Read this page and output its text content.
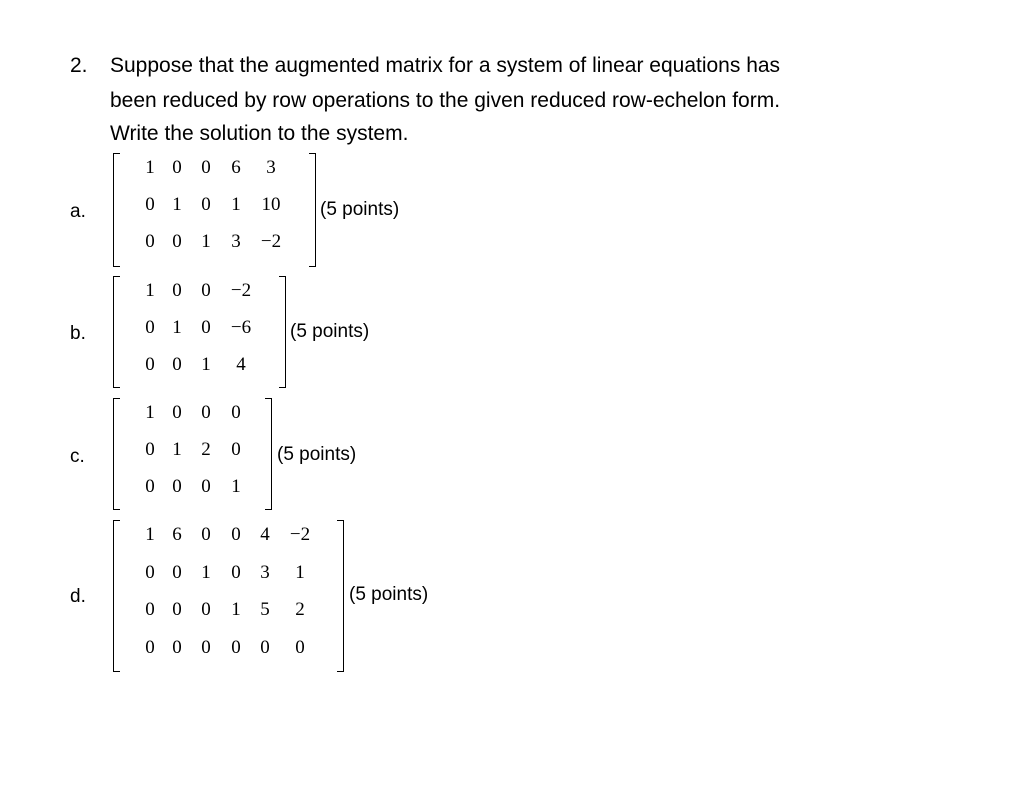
2. Suppose that the augmented matrix for a system of linear equations has
been reduced by row operations to the given reduced row-echelon form.
Write the solution to the system.
a.
1 0 0 6 3
0 1 0 1 10
0 0 1 3 −2
(5 points)
b.
1 0 0 −2
0 1 0 −6
0 0 1 4
(5 points)
c.
1 0 0 0
0 1 2 0
0 0 0 1
(5 points)
d.
1 6 0 0 4 −2
0 0 1 0 3 1
0 0 0 1 5 2
0 0 0 0 0 0
(5 points)
